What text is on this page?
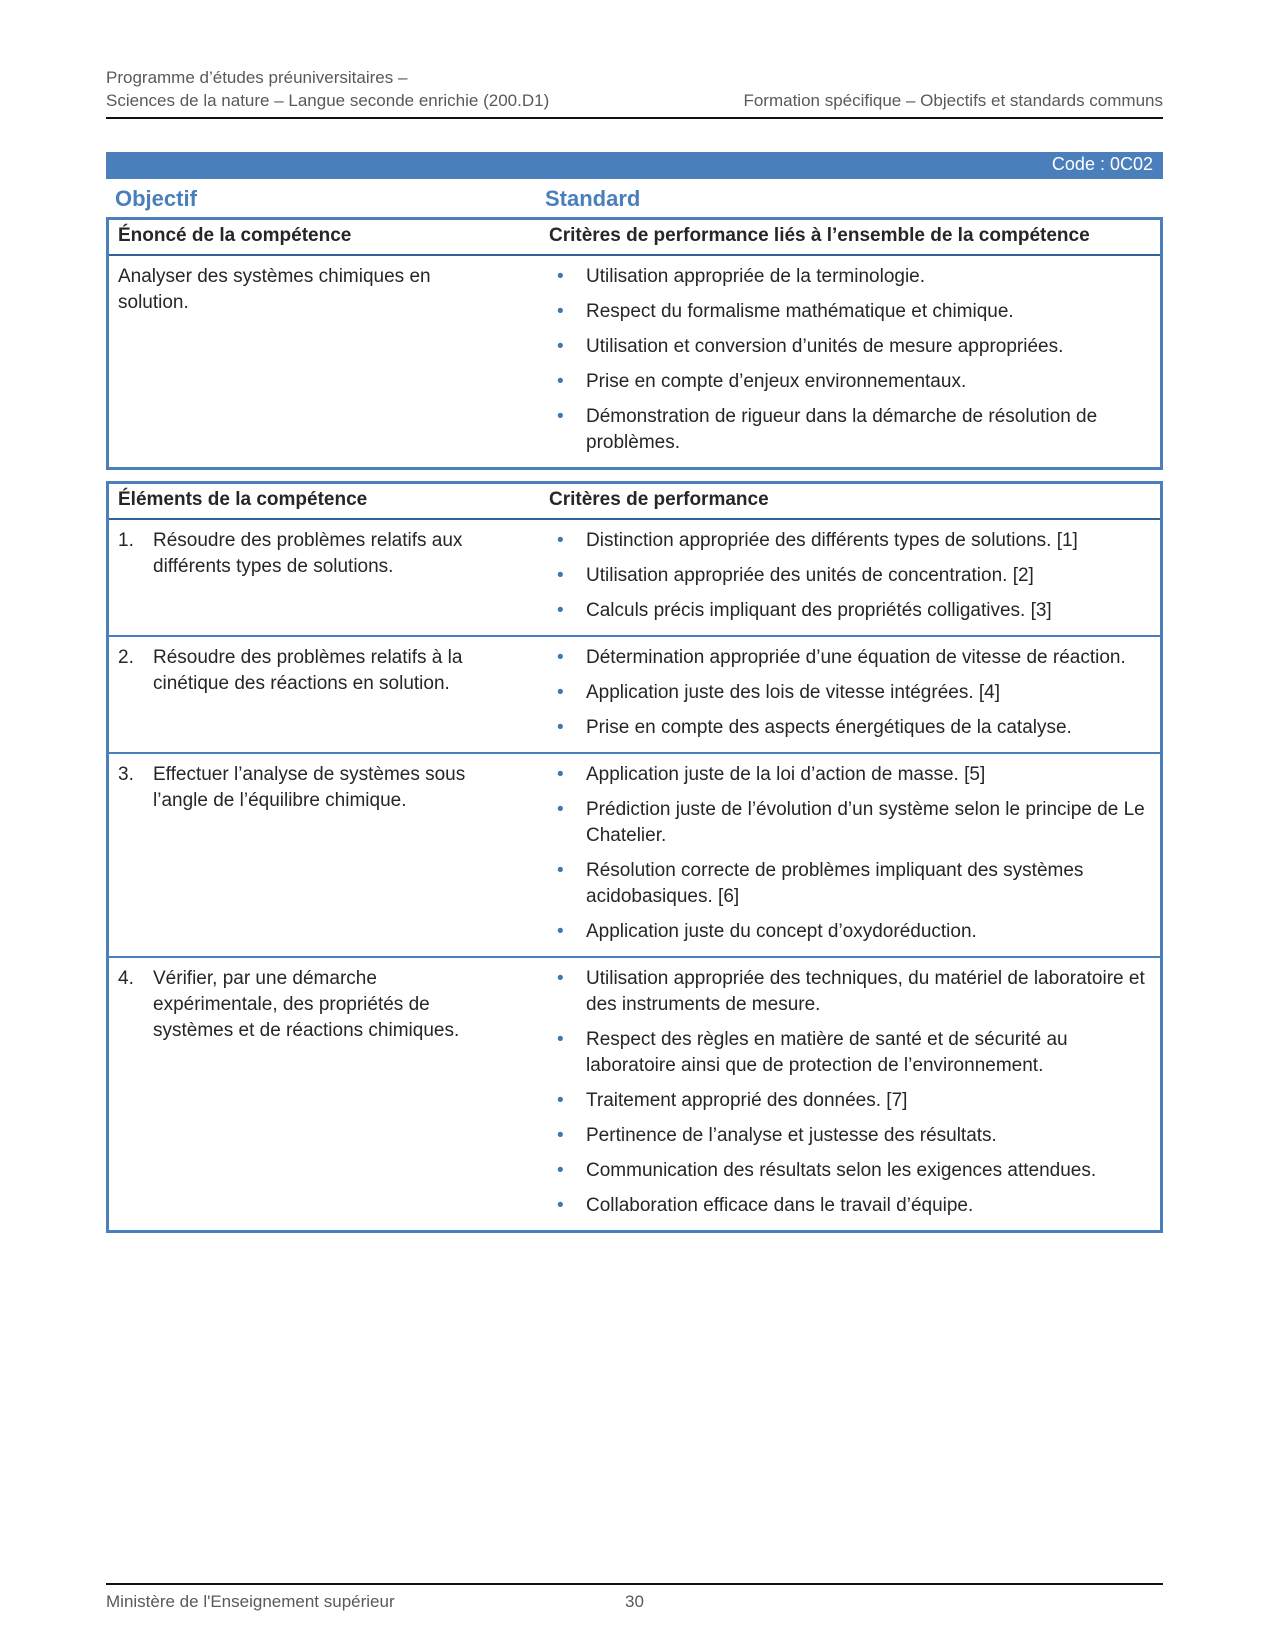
Programme d’études préuniversitaires –
Sciences de la nature – Langue seconde enrichie (200.D1)	Formation spécifique – Objectifs et standards communs
Code : 0C02
Objectif	Standard
Énoncé de la compétence	Critères de performance liés à l’ensemble de la compétence
Analyser des systèmes chimiques en solution.
•	Utilisation appropriée de la terminologie.
•	Respect du formalisme mathématique et chimique.
•	Utilisation et conversion d’unités de mesure appropriées.
•	Prise en compte d’enjeux environnementaux.
•	Démonstration de rigueur dans la démarche de résolution de problèmes.
Éléments de la compétence	Critères de performance
1.	Résoudre des problèmes relatifs aux différents types de solutions.
•	Distinction appropriée des différents types de solutions. [1]
•	Utilisation appropriée des unités de concentration. [2]
•	Calculs précis impliquant des propriétés colligatives. [3]
2.	Résoudre des problèmes relatifs à la cinétique des réactions en solution.
•	Détermination appropriée d’une équation de vitesse de réaction.
•	Application juste des lois de vitesse intégrées. [4]
•	Prise en compte des aspects énergétiques de la catalyse.
3.	Effectuer l’analyse de systèmes sous l’angle de l’équilibre chimique.
•	Application juste de la loi d’action de masse. [5]
•	Prédiction juste de l’évolution d’un système selon le principe de Le Chatelier.
•	Résolution correcte de problèmes impliquant des systèmes acidobasiques. [6]
•	Application juste du concept d’oxydoréduction.
4.	Vérifier, par une démarche expérimentale, des propriétés de systèmes et de réactions chimiques.
•	Utilisation appropriée des techniques, du matériel de laboratoire et des instruments de mesure.
•	Respect des règles en matière de santé et de sécurité au laboratoire ainsi que de protection de l’environnement.
•	Traitement approprié des données. [7]
•	Pertinence de l’analyse et justesse des résultats.
•	Communication des résultats selon les exigences attendues.
•	Collaboration efficace dans le travail d’équipe.
Ministère de l'Enseignement supérieur	30
